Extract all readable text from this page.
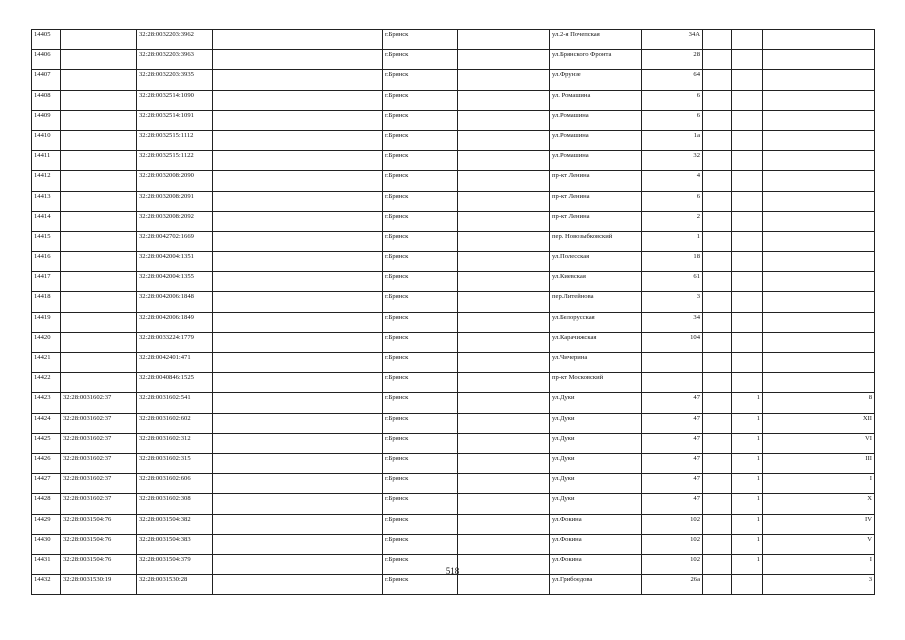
14405		32:28:0032203:3962		г.Брянск		ул.2-я Почепская	34А			
14406		32:28:0032203:3963		г.Брянск		ул.Брянского Фронта	28			
14407		32:28:0032203:3935		г.Брянск		ул.Фрунзе	64			
14408		32:28:0032514:1090		г.Брянск		ул. Ромашина	6			
14409		32:28:0032514:1091		г.Брянск		ул.Ромашина	6			
14410		32:28:0032515:1112		г.Брянск		ул.Ромашина	1а			
14411		32:28:0032515:1122		г.Брянск		ул.Ромашина	32			
14412		32:28:0032008:2090		г.Брянск		пр-кт Ленина	4			
14413		32:28:0032008:2091		г.Брянск		пр-кт Ленина	6			
14414		32:28:0032008:2092		г.Брянск		пр-кт Ленина	2			
14415		32:28:0042702:1669		г.Брянск		пер. Новозыбковский	1			
14416		32:28:0042004:1351		г.Брянск		ул.Полесская	18			
14417		32:28:0042004:1355		г.Брянск		ул.Киевская	61			
14418		32:28:0042006:1848		г.Брянск		пер.Литейнова	3			
14419		32:28:0042006:1849		г.Брянск		ул.Белорусская	34			
14420		32:28:0033224:1779		г.Брянск		ул.Карачижская	104			
14421		32:28:0042401:471		г.Брянск		ул.Чичерина				
14422		32:28:0040846:1525		г.Брянск		пр-кт Московский				
14423	32:28:0031602:37	32:28:0031602:541		г.Брянск		ул.Дуки	47		1	8
14424	32:28:0031602:37	32:28:0031602:602		г.Брянск		ул.Дуки	47		1	XII
14425	32:28:0031602:37	32:28:0031602:312		г.Брянск		ул.Дуки	47		1	VI
14426	32:28:0031602:37	32:28:0031602:315		г.Брянск		ул.Дуки	47		1	III
14427	32:28:0031602:37	32:28:0031602:606		г.Брянск		ул.Дуки	47		1	I
14428	32:28:0031602:37	32:28:0031602:308		г.Брянск		ул.Дуки	47		1	X
14429	32:28:0031504:76	32:28:0031504:382		г.Брянск		ул.Фокина	102		1	IV
14430	32:28:0031504:76	32:28:0031504:383		г.Брянск		ул.Фокина	102		1	V
14431	32:28:0031504:76	32:28:0031504:379		г.Брянск		ул.Фокина	102		1	I
14432	32:28:0031530:19	32:28:0031530:28		г.Брянск		ул.Грибоедова	26а			3
518
